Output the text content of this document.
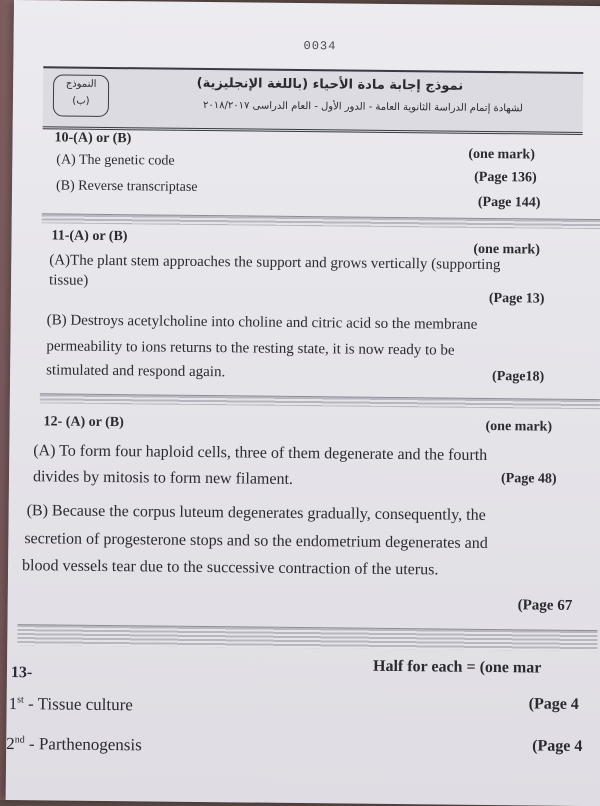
0034
نموذج إجابة مادة الأحياء (باللغة الإنجليزية)
لشهادة إتمام الدراسة الثانوية العامة - الدور الأول - العام الدراسى ٢٠١٨/٢٠١٧
النموذج
(ب)
10-(A) or (B)
(one mark)
(A) The genetic code
(Page 136)
(B) Reverse transcriptase
(Page 144)
11-(A) or (B)
(one mark)
(A)The plant stem approaches the support and grows vertically (supporting
tissue)
(Page 13)
(B) Destroys acetylcholine into choline and citric acid so the membrane
permeability to ions returns to the resting state, it is now ready to be
stimulated and respond again.	(Page18)
12- (A) or (B)	(one mark)
(A) To form four haploid cells, three of them degenerate and the fourth
divides by mitosis to form new filament.	(Page 48)
(B) Because the corpus luteum degenerates gradually, consequently, the
secretion of progesterone stops and so the endometrium degenerates and
blood vessels tear due to the successive contraction of the uterus.
(Page 67
13-	Half for each = (one mar
1st - Tissue culture	(Page 4
2nd - Parthenogensis	(Page 4
